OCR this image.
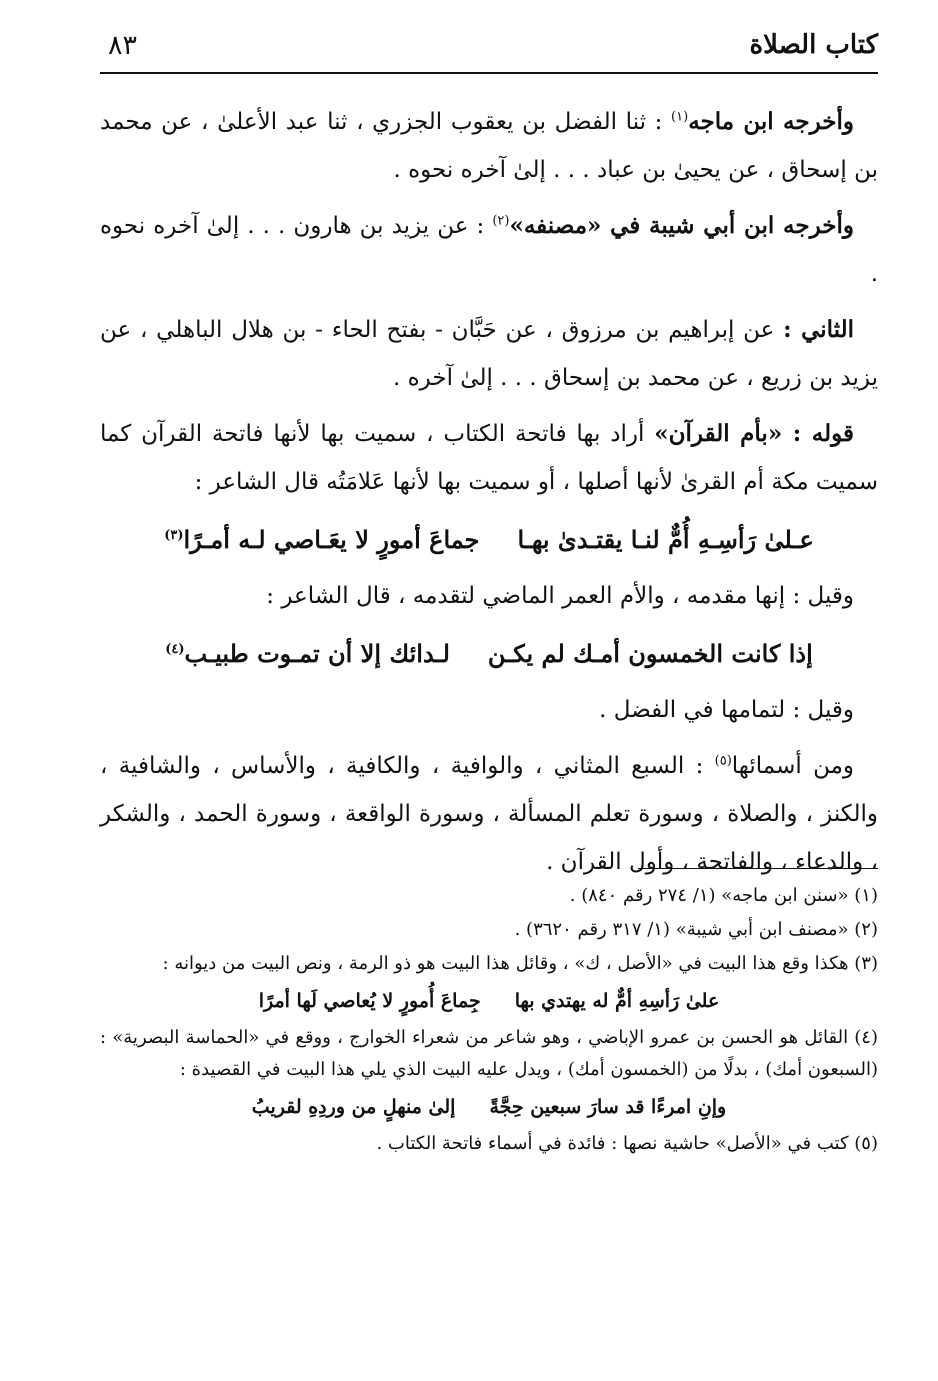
٨٣	كتاب الصلاة

وأخرجه ابن ماجه$^{(١)}$ : ثنا الفضل بن يعقوب الجزري ، ثنا عبد الأعلىٰ ، عن محمد بن إسحاق ، عن يحيىٰ بن عباد . . . إلىٰ آخره نحوه .

وأخرجه ابن أبي شيبة في «مصنفه»$^{(٢)}$ : عن يزيد بن هارون . . . إلىٰ آخره نحوه .

الثاني : عن إبراهيم بن مرزوق ، عن حَبَّان - بفتح الحاء - بن هلال الباهلي ، عن يزيد بن زريع ، عن محمد بن إسحاق . . . إلىٰ آخره .

قوله : «بأم القرآن» أراد بها فاتحة الكتاب ، سميت بها لأنها فاتحة القرآن كما سميت مكة أم القرىٰ لأنها أصلها ، أو سميت بها لأنها عَلامَتُه قال الشاعر :

عـلىٰ رَأسِـهِ أُمٌّ لنـا يقتـدىٰ بهـا
جماعَ أمورٍ لا يعَـاصي لـه أمـرًا$^{(٣)}$

وقيل : إنها مقدمه ، والأم العمر الماضي لتقدمه ، قال الشاعر :

إذا كانت الخمسون أمـك لم يكـن
لـدائك إلا أن تمـوت طبيـب$^{(٤)}$

وقيل : لتمامها في الفضل .

ومن أسمائها$^{(٥)}$ : السبع المثاني ، والوافية ، والكافية ، والأساس ، والشافية ، والكنز ، والصلاة ، وسورة تعلم المسألة ، وسورة الواقعة ، وسورة الحمد ، والشكر ، والدعاء ، والفاتحة ، وأول القرآن .

(١) «سنن ابن ماجه» (١/ ٢٧٤ رقم ٨٤٠) .

(٢) «مصنف ابن أبي شيبة» (١/ ٣١٧ رقم ٣٦٢٠) .

(٣) هكذا وقع هذا البيت في «الأصل ، ك» ، وقائل هذا البيت هو ذو الرمة ، ونص البيت من ديوانه :

علىٰ رَأسِهِ أمٌّ له يهتدي بها
جِماعَ أُمورٍ لا يُعاصي لَها أمرًا

(٤) القائل هو الحسن بن عمرو الإباضي ، وهو شاعر من شعراء الخوارج ، ووقع في «الحماسة البصرية» : (السبعون أمك) ، بدلًا من (الخمسون أمك) ، ويدل عليه البيت الذي يلي هذا البيت في القصيدة :

وإنِ امرءًا قد سارَ سبعين حِجَّةً
إلىٰ منهلٍ من وردِهِ لقريبُ

(٥) كتب في «الأصل» حاشية نصها : فائدة في أسماء فاتحة الكتاب .
